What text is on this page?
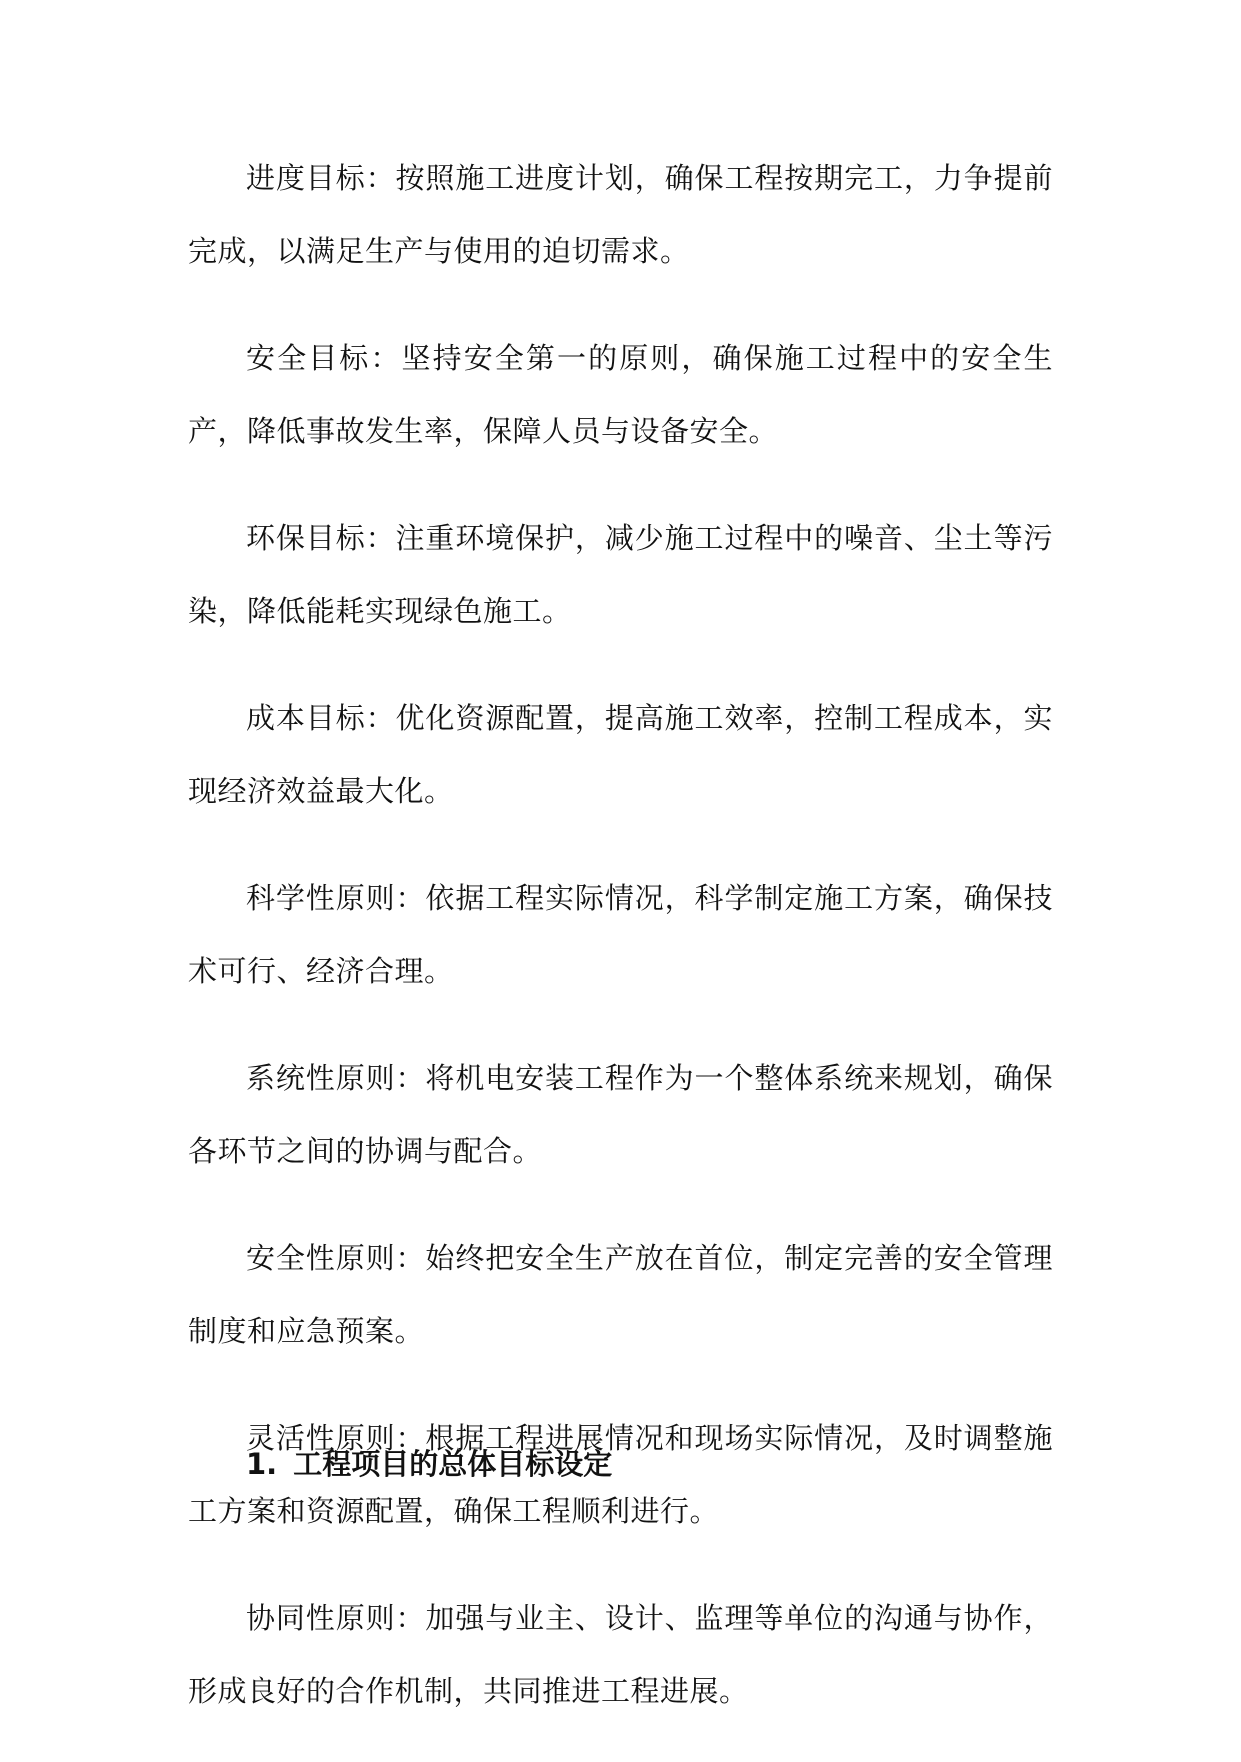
进度目标：按照施工进度计划，确保工程按期完工，力争提前完成，以满足生产与使用的迫切需求。

安全目标：坚持安全第一的原则，确保施工过程中的安全生产，降低事故发生率，保障人员与设备安全。

环保目标：注重环境保护，减少施工过程中的噪音、尘土等污染，降低能耗实现绿色施工。

成本目标：优化资源配置，提高施工效率，控制工程成本，实现经济效益最大化。

科学性原则：依据工程实际情况，科学制定施工方案，确保技术可行、经济合理。

系统性原则：将机电安装工程作为一个整体系统来规划，确保各环节之间的协调与配合。

安全性原则：始终把安全生产放在首位，制定完善的安全管理制度和应急预案。

灵活性原则：根据工程进展情况和现场实际情况，及时调整施工方案和资源配置，确保工程顺利进行。

协同性原则：加强与业主、设计、监理等单位的沟通与协作，形成良好的合作机制，共同推进工程进展。

1. 工程项目的总体目标设定
